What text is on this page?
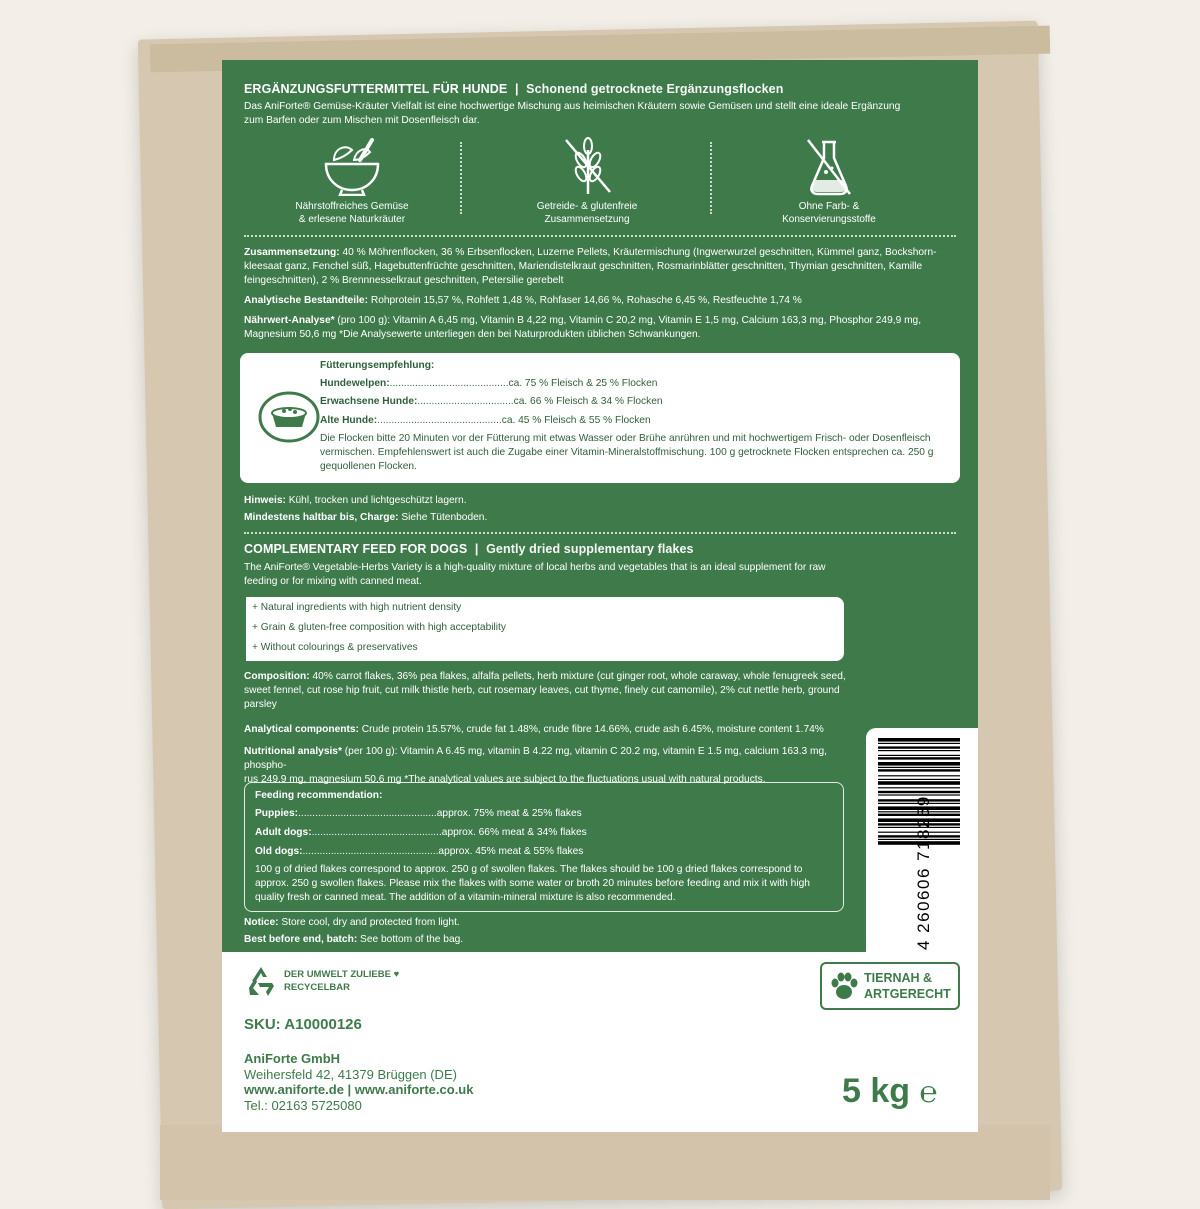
ERGÄNZUNGSFUTTERMITTEL FÜR HUNDE | Schonend getrocknete Ergänzungsflocken
Das AniForte® Gemüse-Kräuter Vielfalt ist eine hochwertige Mischung aus heimischen Kräutern sowie Gemüsen und stellt eine ideale Ergänzung
zum Barfen oder zum Mischen mit Dosenfleisch dar.
Nährstoffreiches Gemüse
& erlesene Naturkräuter
Getreide- & glutenfreie
Zusammensetzung
Ohne Farb- &
Konservierungsstoffe
Zusammensetzung: 40 % Möhrenflocken, 36 % Erbsenflocken, Luzerne Pellets, Kräutermischung (Ingwerwurzel geschnitten, Kümmel ganz, Bockshorn-
kleesaat ganz, Fenchel süß, Hagebuttenfrüchte geschnitten, Mariendistelkraut geschnitten, Rosmarinblätter geschnitten, Thymian geschnitten, Kamille
feingeschnitten), 2 % Brennnesselkraut geschnitten, Petersilie gerebelt
Analytische Bestandteile: Rohprotein 15,57 %, Rohfett 1,48 %, Rohfaser 14,66 %, Rohasche 6,45 %, Restfeuchte 1,74 %
Nährwert-Analyse* (pro 100 g): Vitamin A 6,45 mg, Vitamin B 4,22 mg, Vitamin C 20,2 mg, Vitamin E 1,5 mg, Calcium 163,3 mg, Phosphor 249,9 mg,
Magnesium 50,6 mg *Die Analysewerte unterliegen den bei Naturprodukten üblichen Schwankungen.
Fütterungsempfehlung:
Hundewelpen:..........................................ca. 75 % Fleisch & 25 % Flocken
Erwachsene Hunde:..................................ca. 66 % Fleisch & 34 % Flocken
Alte Hunde:............................................ca. 45 % Fleisch & 55 % Flocken
Die Flocken bitte 20 Minuten vor der Fütterung mit etwas Wasser oder Brühe anrühren und mit hochwertigem Frisch- oder Dosenfleisch
vermischen. Empfehlenswert ist auch die Zugabe einer Vitamin-Mineralstoffmischung. 100 g getrocknete Flocken entsprechen ca. 250 g
gequollenen Flocken.
Hinweis: Kühl, trocken und lichtgeschützt lagern.
Mindestens haltbar bis, Charge: Siehe Tütenboden.
COMPLEMENTARY FEED FOR DOGS | Gently dried supplementary flakes
The AniForte® Vegetable-Herbs Variety is a high-quality mixture of local herbs and vegetables that is an ideal supplement for raw
feeding or for mixing with canned meat.
+ Natural ingredients with high nutrient density
+ Grain & gluten-free composition with high acceptability
+ Without colourings & preservatives
Composition: 40% carrot flakes, 36% pea flakes, alfalfa pellets, herb mixture (cut ginger root, whole caraway, whole fenugreek seed,
sweet fennel, cut rose hip fruit, cut milk thistle herb, cut rosemary leaves, cut thyme, finely cut camomile), 2% cut nettle herb, ground
parsley
Analytical components: Crude protein 15.57%, crude fat 1.48%, crude fibre 14.66%, crude ash 6.45%, moisture content 1.74%
Nutritional analysis* (per 100 g): Vitamin A 6.45 mg, vitamin B 4.22 mg, vitamin C 20.2 mg, vitamin E 1.5 mg, calcium 163.3 mg, phospho-
rus 249.9 mg, magnesium 50.6 mg *The analytical values are subject to the fluctuations usual with natural products.
Feeding recommendation:
Puppies:.................................................approx. 75% meat & 25% flakes
Adult dogs:..............................................approx. 66% meat & 34% flakes
Old dogs:................................................approx. 45% meat & 55% flakes
100 g of dried flakes correspond to approx. 250 g of swollen flakes. The flakes should be 100 g dried flakes correspond to
approx. 250 g swollen flakes. Please mix the flakes with some water or broth 20 minutes before feeding and mix it with high
quality fresh or canned meat. The addition of a vitamin-mineral mixture is also recommended.
Notice: Store cool, dry and protected from light.
Best before end, batch: See bottom of the bag.	4 260606 718259
DER UMWELT ZULIEBE ♥
RECYCELBAR
TIERNAH &
ARTGERECHT
SKU: A10000126
AniForte GmbH
Weihersfeld 42, 41379 Brüggen (DE)
www.aniforte.de | www.aniforte.co.uk
Tel.: 02163 5725080	5 kg ℮
